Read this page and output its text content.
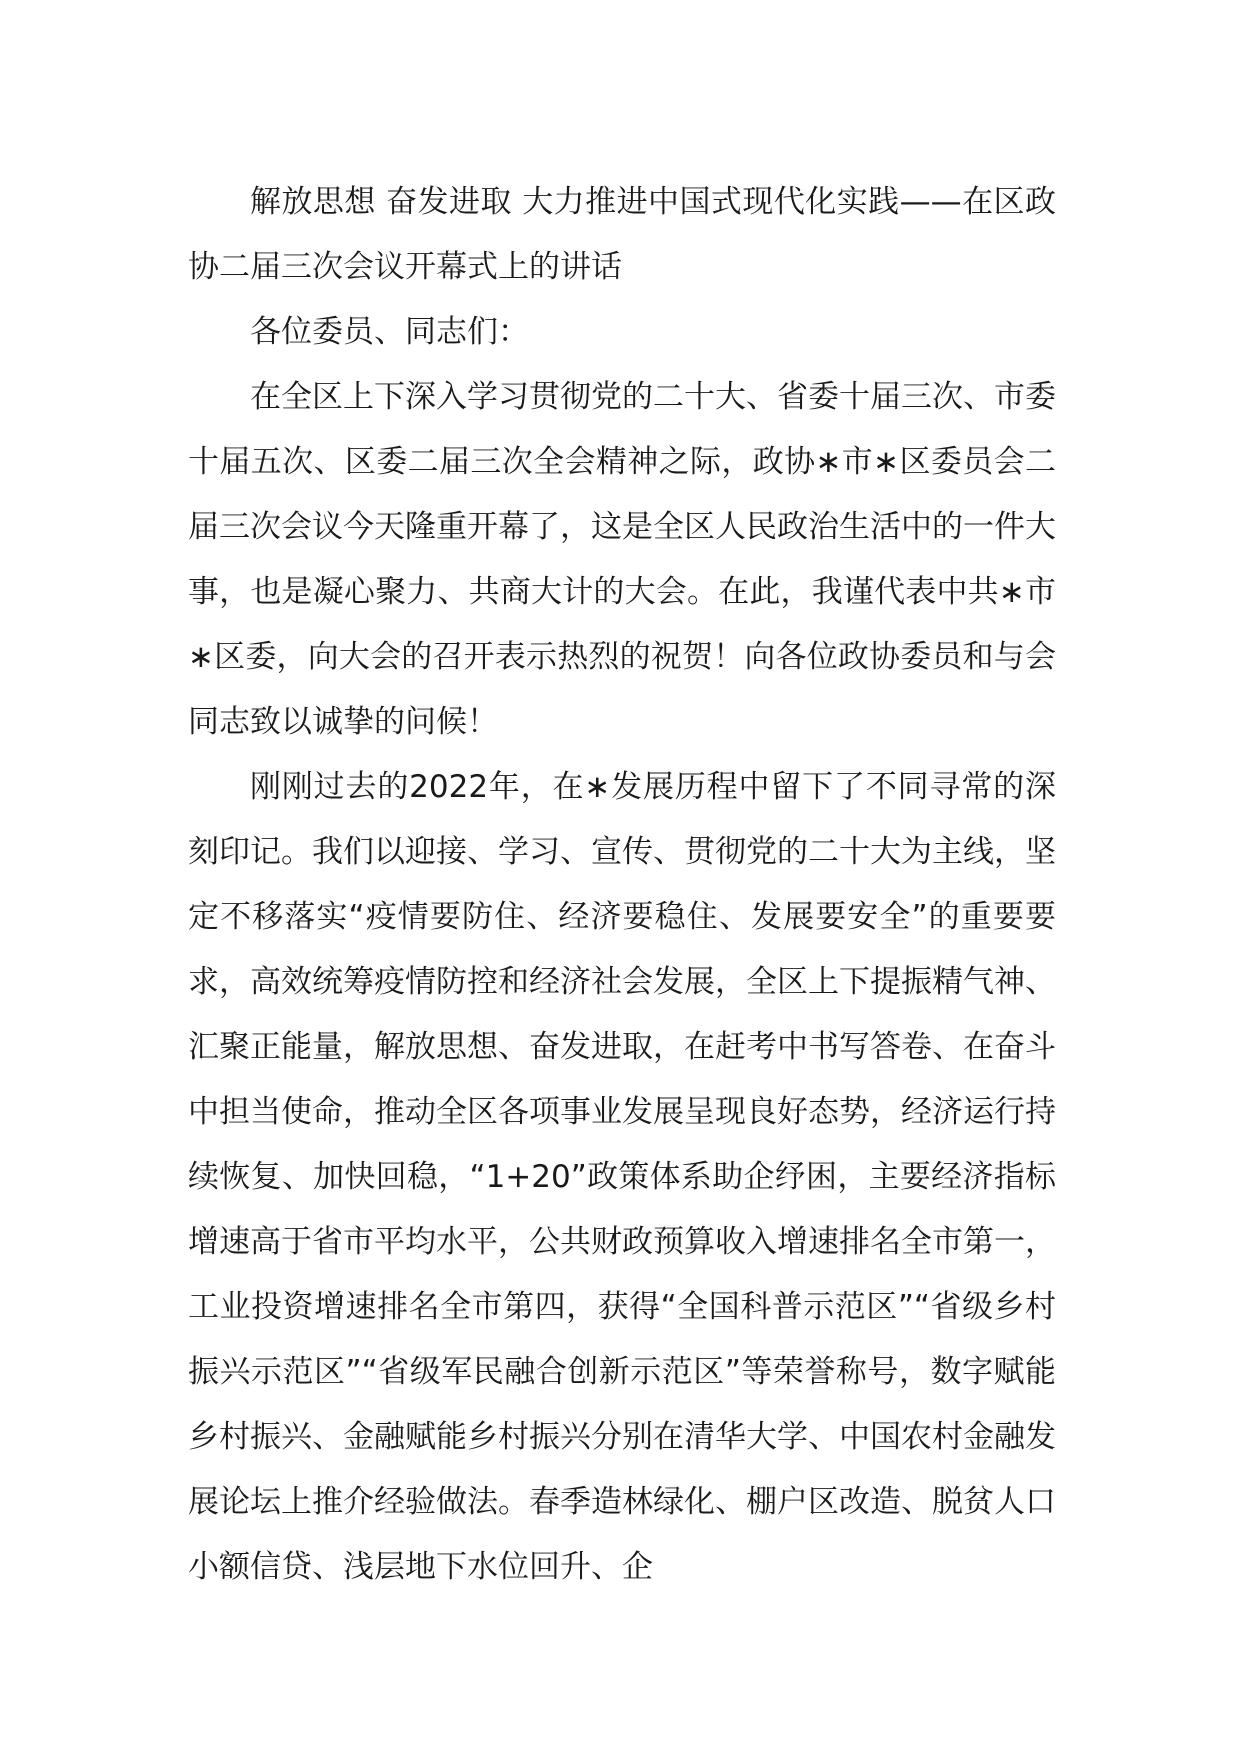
解放思想 奋发进取 大力推进中国式现代化实践——在区政协二届三次会议开幕式上的讲话

各位委员、同志们：

在全区上下深入学习贯彻党的二十大、省委十届三次、市委十届五次、区委二届三次全会精神之际，政协∗市∗区委员会二届三次会议今天隆重开幕了，这是全区人民政治生活中的一件大事，也是凝心聚力、共商大计的大会。在此，我谨代表中共∗市∗区委，向大会的召开表示热烈的祝贺！向各位政协委员和与会同志致以诚挚的问候！

刚刚过去的2022年，在∗发展历程中留下了不同寻常的深刻印记。我们以迎接、学习、宣传、贯彻党的二十大为主线，坚定不移落实“疫情要防住、经济要稳住、发展要安全”的重要要求，高效统筹疫情防控和经济社会发展，全区上下提振精气神、汇聚正能量，解放思想、奋发进取，在赶考中书写答卷、在奋斗中担当使命，推动全区各项事业发展呈现良好态势，经济运行持续恢复、加快回稳，“1+20”政策体系助企纾困，主要经济指标增速高于省市平均水平，公共财政预算收入增速排名全市第一，工业投资增速排名全市第四，获得“全国科普示范区”“省级乡村振兴示范区”“省级军民融合创新示范区”等荣誉称号，数字赋能乡村振兴、金融赋能乡村振兴分别在清华大学、中国农村金融发展论坛上推介经验做法。春季造林绿化、棚户区改造、脱贫人口小额信贷、浅层地下水位回升、企
